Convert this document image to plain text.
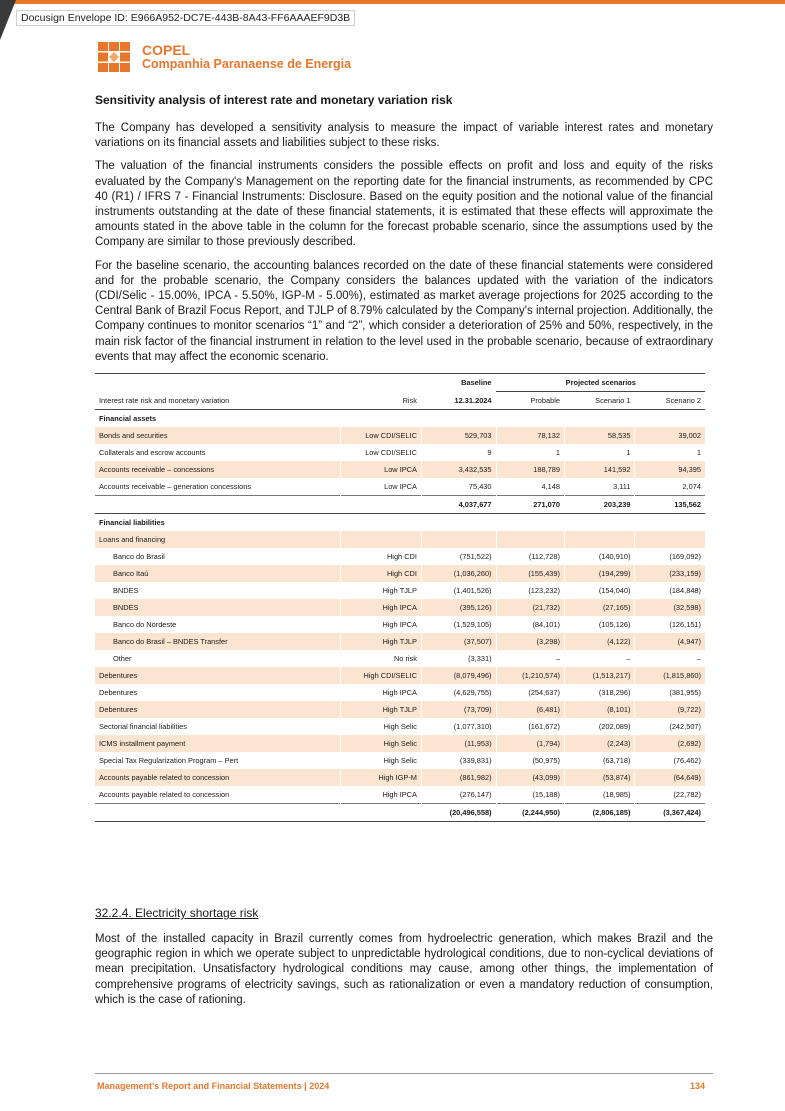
Docusign Envelope ID: E966A952-DC7E-443B-8A43-FF6AAAEF9D3B
COPEL
Companhia Paranaense de Energia
Sensitivity analysis of interest rate and monetary variation risk

The Company has developed a sensitivity analysis to measure the impact of variable interest rates and monetary variations on its financial assets and liabilities subject to these risks.

The valuation of the financial instruments considers the possible effects on profit and loss and equity of the risks evaluated by the Company's Management on the reporting date for the financial instruments, as recommended by CPC 40 (R1) / IFRS 7 - Financial Instruments: Disclosure. Based on the equity position and the notional value of the financial instruments outstanding at the date of these financial statements, it is estimated that these effects will approximate the amounts stated in the above table in the column for the forecast probable scenario, since the assumptions used by the Company are similar to those previously described.

For the baseline scenario, the accounting balances recorded on the date of these financial statements were considered and for the probable scenario, the Company considers the balances updated with the variation of the indicators (CDI/Selic - 15.00%, IPCA - 5.50%, IGP-M - 5.00%), estimated as market average projections for 2025 according to the Central Bank of Brazil Focus Report, and TJLP of 8.79% calculated by the Company's internal projection. Additionally, the Company continues to monitor scenarios “1” and “2”, which consider a deterioration of 25% and 50%, respectively, in the main risk factor of the financial instrument in relation to the level used in the probable scenario, because of extraordinary events that may affect the economic scenario.

		Baseline	Projected scenarios		
Interest rate risk and monetary variation	Risk	12.31.2024	Probable	Scenario 1	Scenario 2
Financial assets					
Bonds and securities	Low CDI/SELIC	529,703	78,132	58,535	39,002
Collaterals and escrow accounts	Low CDI/SELIC	9	1	1	1
Accounts receivable – concessions	Low IPCA	3,432,535	188,789	141,592	94,395
Accounts receivable – generation concessions	Low IPCA	75,430	4,148	3,111	2,074
		4,037,677	271,070	203,239	135,562
Financial liabilities					
Loans and financing					
Banco do Brasil	High CDI	(751,522)	(112,728)	(140,910)	(169,092)
Banco Itaú	High CDI	(1,036,260)	(155,439)	(194,299)	(233,159)
BNDES	High TJLP	(1,401,526)	(123,232)	(154,040)	(184,848)
BNDES	High IPCA	(395,126)	(21,732)	(27,165)	(32,598)
Banco do Nordeste	High IPCA	(1,529,105)	(84,101)	(105,126)	(126,151)
Banco do Brasil – BNDES Transfer	High TJLP	(37,507)	(3,298)	(4,122)	(4,947)
Other	No risk	(3,331)	–	–	–
Debentures	High CDI/SELIC	(8,079,496)	(1,210,574)	(1,513,217)	(1,815,860)
Debentures	High IPCA	(4,629,755)	(254,637)	(318,296)	(381,955)
Debentures	High TJLP	(73,709)	(6,481)	(8,101)	(9,722)
Sectorial financial liabilities	High Selic	(1,077,310)	(161,672)	(202,089)	(242,507)
ICMS installment payment	High Selic	(11,953)	(1,794)	(2,243)	(2,692)
Special Tax Regularization Program – Pert	High Selic	(339,831)	(50,975)	(63,718)	(76,462)
Accounts payable related to concession	High IGP-M	(861,982)	(43,099)	(53,874)	(64,649)
Accounts payable related to concession	High IPCA	(276,147)	(15,188)	(18,985)	(22,782)
		(20,496,558)	(2,244,950)	(2,806,185)	(3,367,424)
32.2.4. Electricity shortage risk

Most of the installed capacity in Brazil currently comes from hydroelectric generation, which makes Brazil and the geographic region in which we operate subject to unpredictable hydrological conditions, due to non-cyclical deviations of mean precipitation. Unsatisfactory hydrological conditions may cause, among other things, the implementation of comprehensive programs of electricity savings, such as rationalization or even a mandatory reduction of consumption, which is the case of rationing.

Management's Report and Financial Statements | 2024	134
